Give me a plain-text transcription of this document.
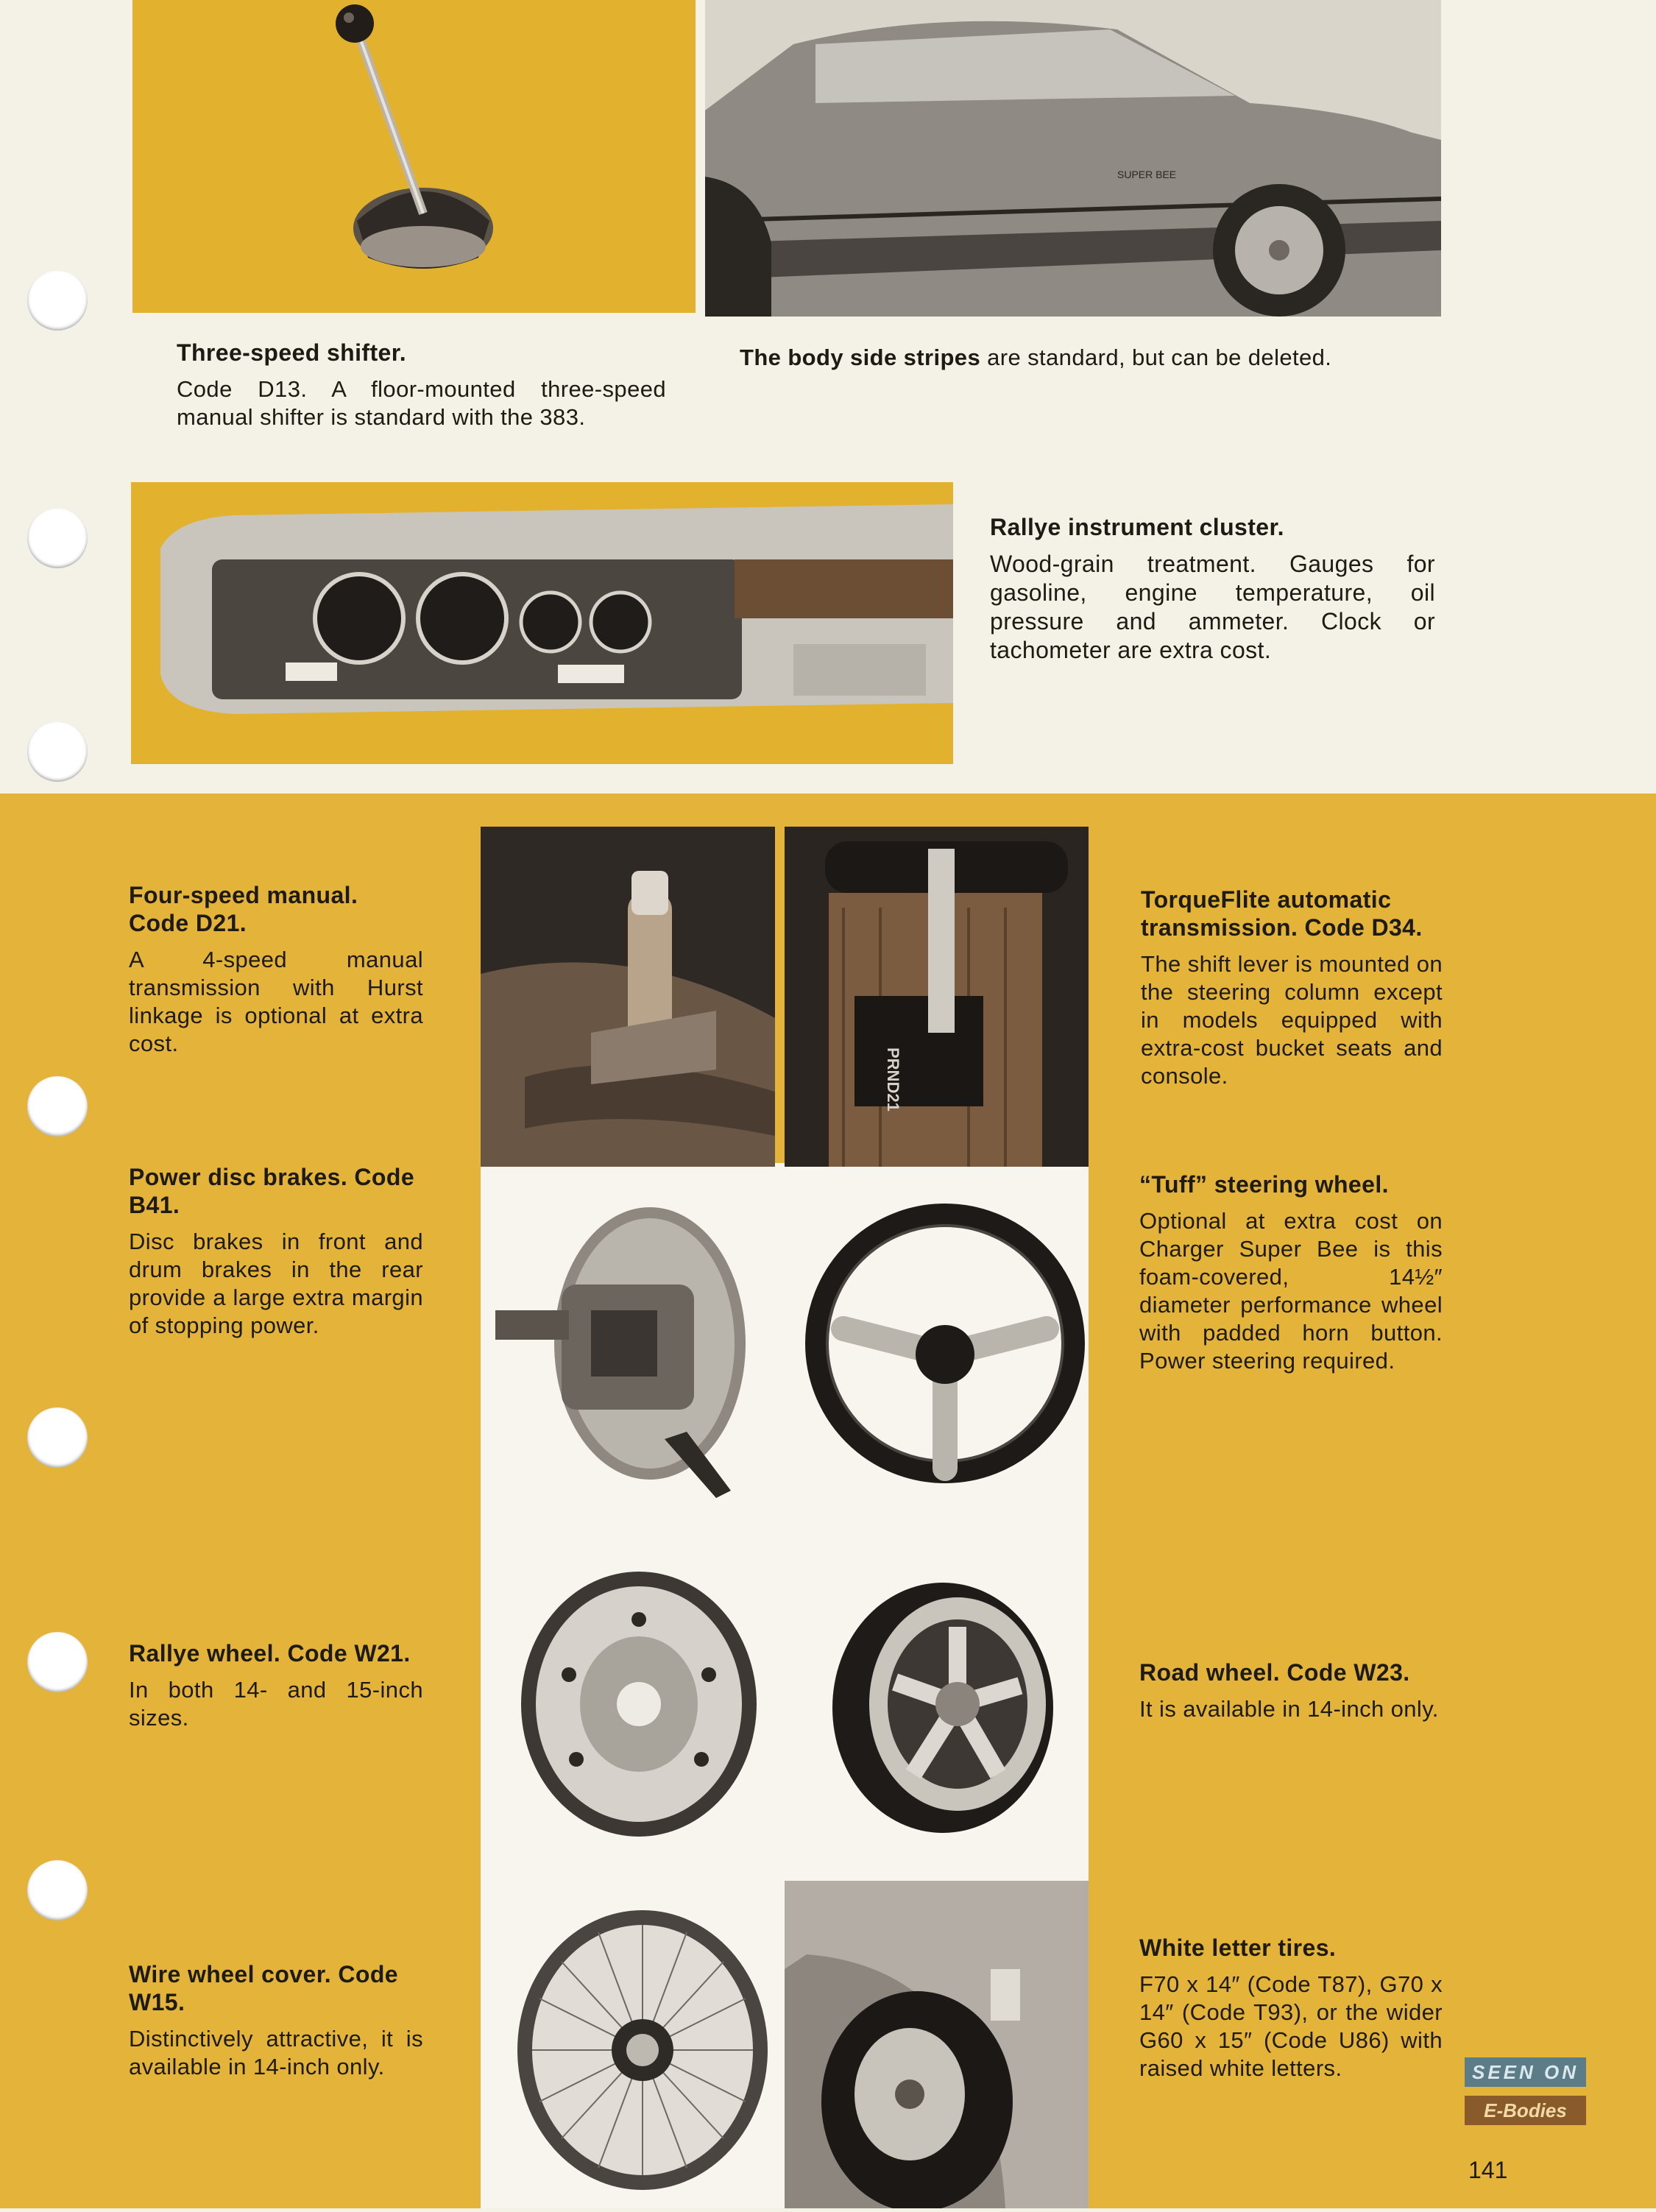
SUPER BEE
Three-speed shifter.

Code D13. A floor-mounted three-speed manual shifter is standard with the 383.

The body side stripes are standard, but can be deleted.

Rallye instrument cluster.

Wood-grain treatment. Gauges for gasoline, engine temperature, oil pressure and ammeter. Clock or tachometer are extra cost.

PRND21
Four-speed manual. Code D21.

A 4-speed manual transmission with Hurst linkage is optional at extra cost.

Power disc brakes. Code B41.

Disc brakes in front and drum brakes in the rear provide a large extra margin of stopping power.

Rallye wheel. Code W21.

In both 14- and 15-inch sizes.

Wire wheel cover. Code W15.

Distinctively attractive, it is available in 14-inch only.

TorqueFlite automatic transmission. Code D34.

The shift lever is mounted on the steering column except in models equipped with extra-cost bucket seats and console.

“Tuff” steering wheel.

Optional at extra cost on Charger Super Bee is this foam-covered, 14½″ diameter performance wheel with padded horn button. Power steering required.

Road wheel. Code W23.

It is available in 14-inch only.

White letter tires.

F70 x 14″ (Code T87), G70 x 14″ (Code T93), or the wider G60 x 15″ (Code U86) with raised white letters.	SEEN ON
E-Bodies
141
